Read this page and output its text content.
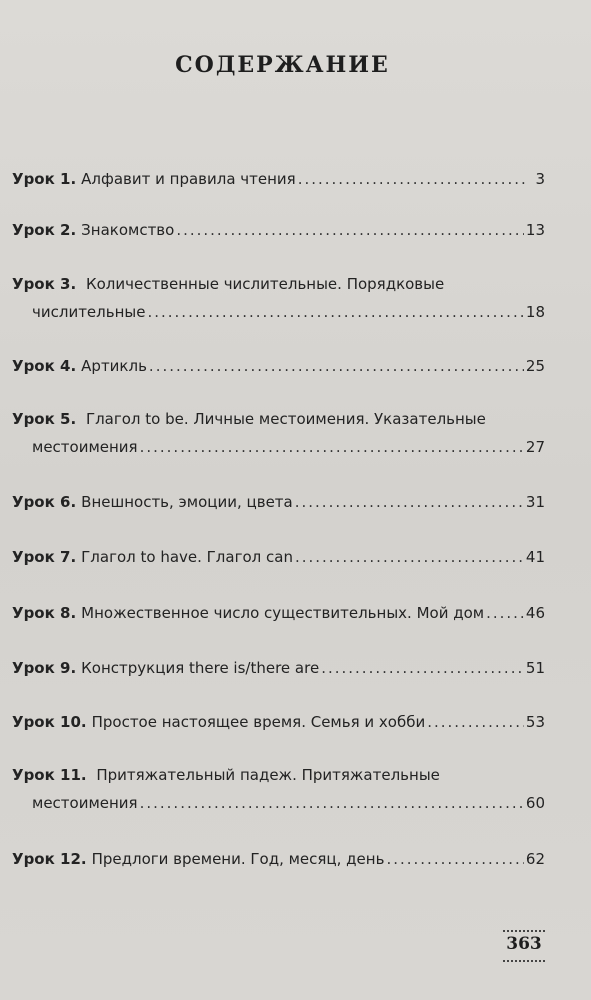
СОДЕРЖАНИЕ
Урок 1. Алфавит и правила чтения .....	3
Урок 2. Знакомство .....	13
Урок 3. Количественные числительные. Порядковые
числительные .....	18
Урок 4. Артикль .....	25
Урок 5. Глагол to be. Личные местоимения. Указательные
местоимения .....	27
Урок 6. Внешность, эмоции, цвета .....	31
Урок 7. Глагол to have. Глагол can .....	41
Урок 8. Множественное число существительных. Мой дом .....	46
Урок 9. Конструкция there is/there are .....	51
Урок 10. Простое настоящее время. Семья и хобби .....	53
Урок 11. Притяжательный падеж. Притяжательные
местоимения .....	60
Урок 12. Предлоги времени. Год, месяц, день .....	62
363
